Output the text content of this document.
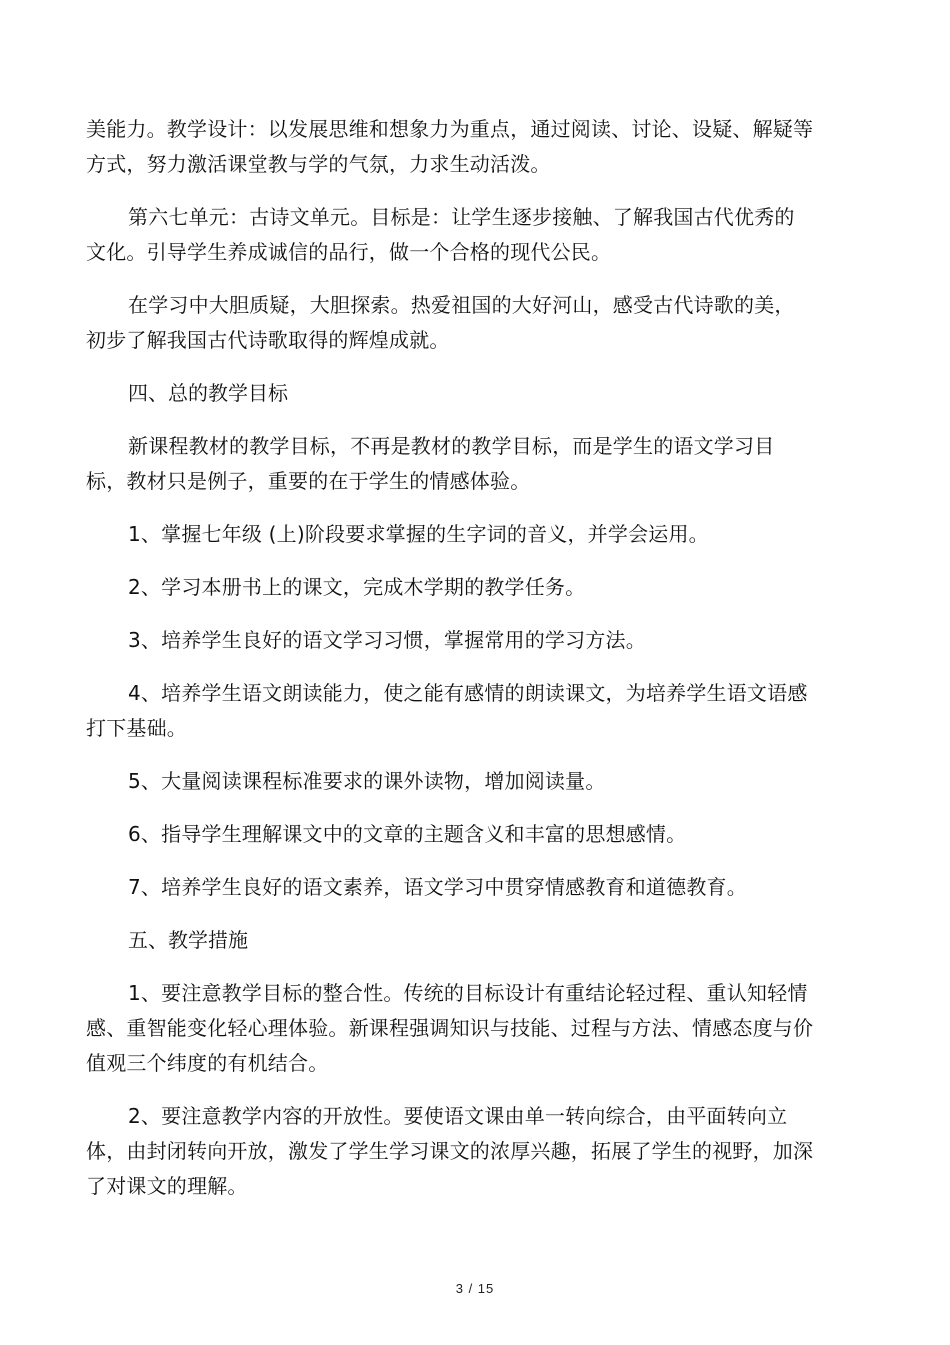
美能力。教学设计：以发展思维和想象力为重点，通过阅读、讨论、设疑、解疑等方式，努力激活课堂教与学的气氛，力求生动活泼。

第六七单元：古诗文单元。目标是：让学生逐步接触、了解我国古代优秀的文化。引导学生养成诚信的品行，做一个合格的现代公民。

在学习中大胆质疑，大胆探索。热爱祖国的大好河山，感受古代诗歌的美，初步了解我国古代诗歌取得的辉煌成就。

四、总的教学目标

新课程教材的教学目标，不再是教材的教学目标，而是学生的语文学习目标，教材只是例子，重要的在于学生的情感体验。

1、掌握七年级 (上)阶段要求掌握的生字词的音义，并学会运用。

2、学习本册书上的课文，完成木学期的教学任务。

3、培养学生良好的语文学习习惯，掌握常用的学习方法。

4、培养学生语文朗读能力，使之能有感情的朗读课文，为培养学生语文语感打下基础。

5、大量阅读课程标准要求的课外读物，增加阅读量。

6、指导学生理解课文中的文章的主题含义和丰富的思想感情。

7、培养学生良好的语文素养，语文学习中贯穿情感教育和道德教育。

五、教学措施

1、要注意教学目标的整合性。传统的目标设计有重结论轻过程、重认知轻情感、重智能变化轻心理体验。新课程强调知识与技能、过程与方法、情感态度与价值观三个纬度的有机结合。

2、要注意教学内容的开放性。要使语文课由单一转向综合，由平面转向立体，由封闭转向开放，激发了学生学习课文的浓厚兴趣，拓展了学生的视野，加深了对课文的理解。

3 / 15
